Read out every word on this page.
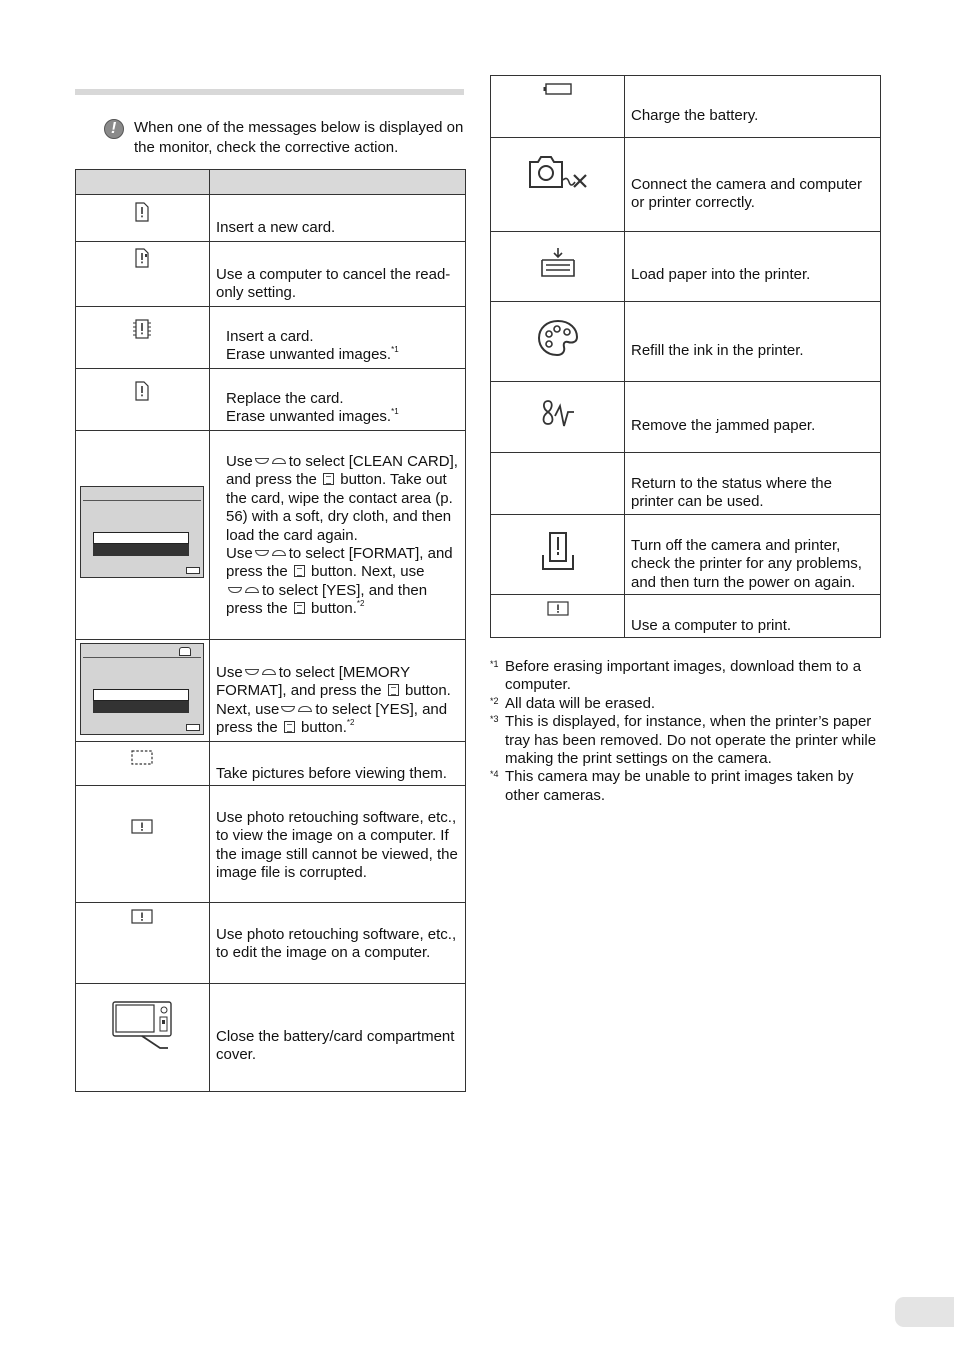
!
When one of the messages below is displayed on the monitor, check the corrective action.

Insert a new card.

Use a computer to cancel the read-only setting.

Insert a card.
Erase unwanted images.$^{*1}$

Replace the card.
Erase unwanted images.$^{*1}$

	Use to select [CLEAN CARD], and press the button. Take out the card, wipe the contact area (p. 56) with a soft, dry cloth, and then load the card again.
Use to select [FORMAT], and press the button. Next, useto select [YES], and then press the button.$^{*2}$

	Use to select [MEMORY FORMAT], and press the button. Next, use to select [YES], and press the button.$^{*2}$

Take pictures before viewing them.

Use photo retouching software, etc., to view the image on a computer. If the image still cannot be viewed, the image file is corrupted.

Use photo retouching software, etc., to edit the image on a computer.

Close the battery/card compartment cover.

Charge the battery.

Connect the camera and computer or printer correctly.

Load paper into the printer.

Refill the ink in the printer.

Remove the jammed paper.

	Return to the status where the printer can be used.

Turn off the camera and printer, check the printer for any problems, and then turn the power on again.

Use a computer to print.
*1 Before erasing important images, download them to a computer.
*2 All data will be erased.
*3 This is displayed, for instance, when the printer’s paper tray has been removed. Do not operate the printer while making the print settings on the camera.
*4 This camera may be unable to print images taken by other cameras.
